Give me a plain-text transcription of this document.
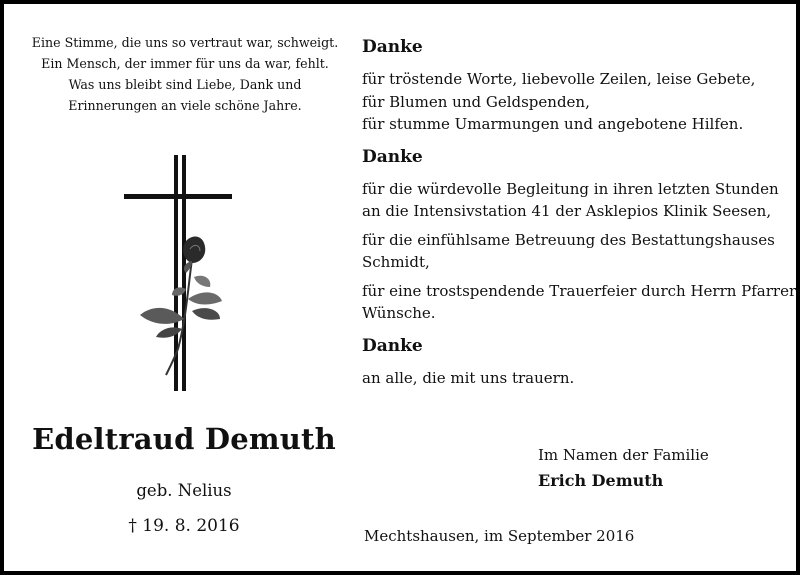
Eine Stimme, die uns so vertraut war, schweigt.
Ein Mensch, der immer für uns da war, fehlt.
Was uns bleibt sind Liebe, Dank und
Erinnerungen an viele schöne Jahre.
Edeltraud Demuth
geb. Nelius
† 19. 8. 2016

Danke

für tröstende Worte, liebevolle Zeilen, leise Gebete,

für Blumen und Geldspenden,

für stumme Umarmungen und angebotene Hilfen.

Danke

für die würdevolle Begleitung in ihren letzten Stunden

an die Intensivstation 41 der Asklepios Klinik Seesen,

für die einfühlsame Betreuung des Bestattungshauses

Schmidt,

für eine trostspendende Trauerfeier durch Herrn Pfarrer

Wünsche.

Danke

an alle, die mit uns trauern.

Im Namen der Familie
Erich Demuth
Mechtshausen, im September 2016
